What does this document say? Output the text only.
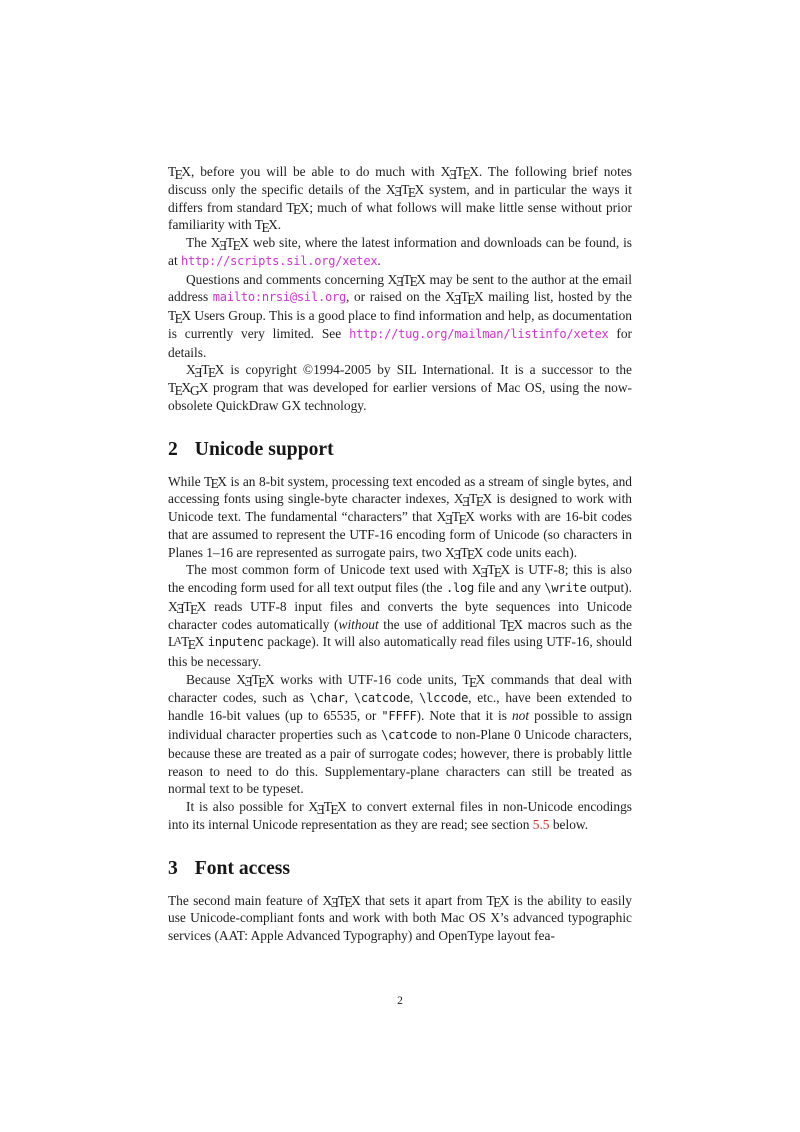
TEX, before you will be able to do much with XƎTEX. The following brief notes discuss only the specific details of the XƎTEX system, and in particular the ways it differs from standard TEX; much of what follows will make little sense without prior familiarity with TEX.

The XƎTEX web site, where the latest information and downloads can be found, is at http://scripts.sil.org/xetex.

Questions and comments concerning XƎTEX may be sent to the author at the email address mailto:nrsi@sil.org, or raised on the XƎTEX mailing list, hosted by the TEX Users Group. This is a good place to find information and help, as documentation is currently very limited. See http://tug.org/mailman/listinfo/xetex for details.

XƎTEX is copyright ©1994-2005 by SIL International. It is a successor to the TEXGX program that was developed for earlier versions of Mac OS, using the now-obsolete QuickDraw GX technology.

2 Unicode support

While TEX is an 8-bit system, processing text encoded as a stream of single bytes, and accessing fonts using single-byte character indexes, XƎTEX is designed to work with Unicode text. The fundamental “characters” that XƎTEX works with are 16-bit codes that are assumed to represent the UTF-16 encoding form of Unicode (so characters in Planes 1–16 are represented as surrogate pairs, two XƎTEX code units each).

The most common form of Unicode text used with XƎTEX is UTF-8; this is also the encoding form used for all text output files (the .log file and any \write output). XƎTEX reads UTF-8 input files and converts the byte sequences into Unicode character codes automatically (without the use of additional TEX macros such as the $L^ATEX$ inputenc package). It will also automatically read files using UTF-16, should this be necessary.

Because XƎTEX works with UTF-16 code units, TEX commands that deal with character codes, such as \char, \catcode, \lccode, etc., have been extended to handle 16-bit values (up to 65535, or "FFFF). Note that it is not possible to assign individual character properties such as \catcode to non-Plane 0 Unicode characters, because these are treated as a pair of surrogate codes; however, there is probably little reason to need to do this. Supplementary-plane characters can still be treated as normal text to be typeset.

It is also possible for XƎTEX to convert external files in non-Unicode encodings into its internal Unicode representation as they are read; see section 5.5 below.

3 Font access

The second main feature of XƎTEX that sets it apart from TEX is the ability to easily use Unicode-compliant fonts and work with both Mac OS X’s advanced typographic services (AAT: Apple Advanced Typography) and OpenType layout fea-

2
